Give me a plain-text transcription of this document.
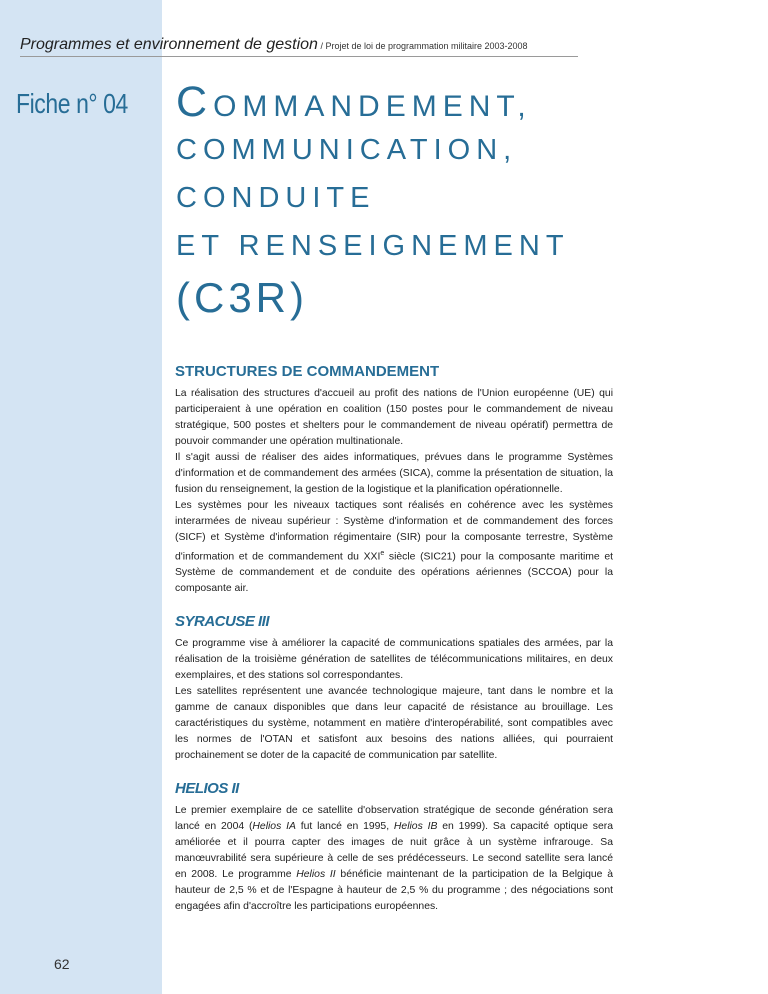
Programmes et environnement de gestion / Projet de loi de programmation militaire 2003-2008
Fiche n° 04 COMMANDEMENT,
COMMUNICATION,
CONDUITE
ET RENSEIGNEMENT
(C3R)
STRUCTURES DE COMMANDEMENT

La réalisation des structures d'accueil au profit des nations de l'Union européenne (UE) qui participeraient à une opération en coalition (150 postes pour le commandement de niveau stratégique, 500 postes et shelters pour le commandement de niveau opératif) permettra de pouvoir commander une opération multinationale.

Il s'agit aussi de réaliser des aides informatiques, prévues dans le programme Systèmes d'information et de commandement des armées (SICA), comme la présentation de situation, la fusion du renseignement, la gestion de la logistique et la planification opérationnelle.

Les systèmes pour les niveaux tactiques sont réalisés en cohérence avec les systèmes interarmées de niveau supérieur : Système d'information et de commandement des forces (SICF) et Système d'information régimentaire (SIR) pour la composante terrestre, Système d'information et de commandement du XXIe siècle (SIC21) pour la composante maritime et Système de commandement et de conduite des opérations aériennes (SCCOA) pour la composante air.

SYRACUSE III

Ce programme vise à améliorer la capacité de communications spatiales des armées, par la réalisation de la troisième génération de satellites de télécommunications militaires, en deux exemplaires, et des stations sol correspondantes.

Les satellites représentent une avancée technologique majeure, tant dans le nombre et la gamme de canaux disponibles que dans leur capacité de résistance au brouillage. Les caractéristiques du système, notamment en matière d'interopérabilité, sont compatibles avec les normes de l'OTAN et satisfont aux besoins des nations alliées, qui pourraient prochainement se doter de la capacité de communication par satellite.

HELIOS II

Le premier exemplaire de ce satellite d'observation stratégique de seconde génération sera lancé en 2004 (Helios IA fut lancé en 1995, Helios IB en 1999). Sa capacité optique sera améliorée et il pourra capter des images de nuit grâce à un système infrarouge. Sa manœuvrabilité sera supérieure à celle de ses prédécesseurs. Le second satellite sera lancé en 2008. Le programme Helios II bénéficie maintenant de la participation de la Belgique à hauteur de 2,5 % et de l'Espagne à hauteur de 2,5 % du programme ; des négociations sont engagées afin d'accroître les participations européennes.

62
